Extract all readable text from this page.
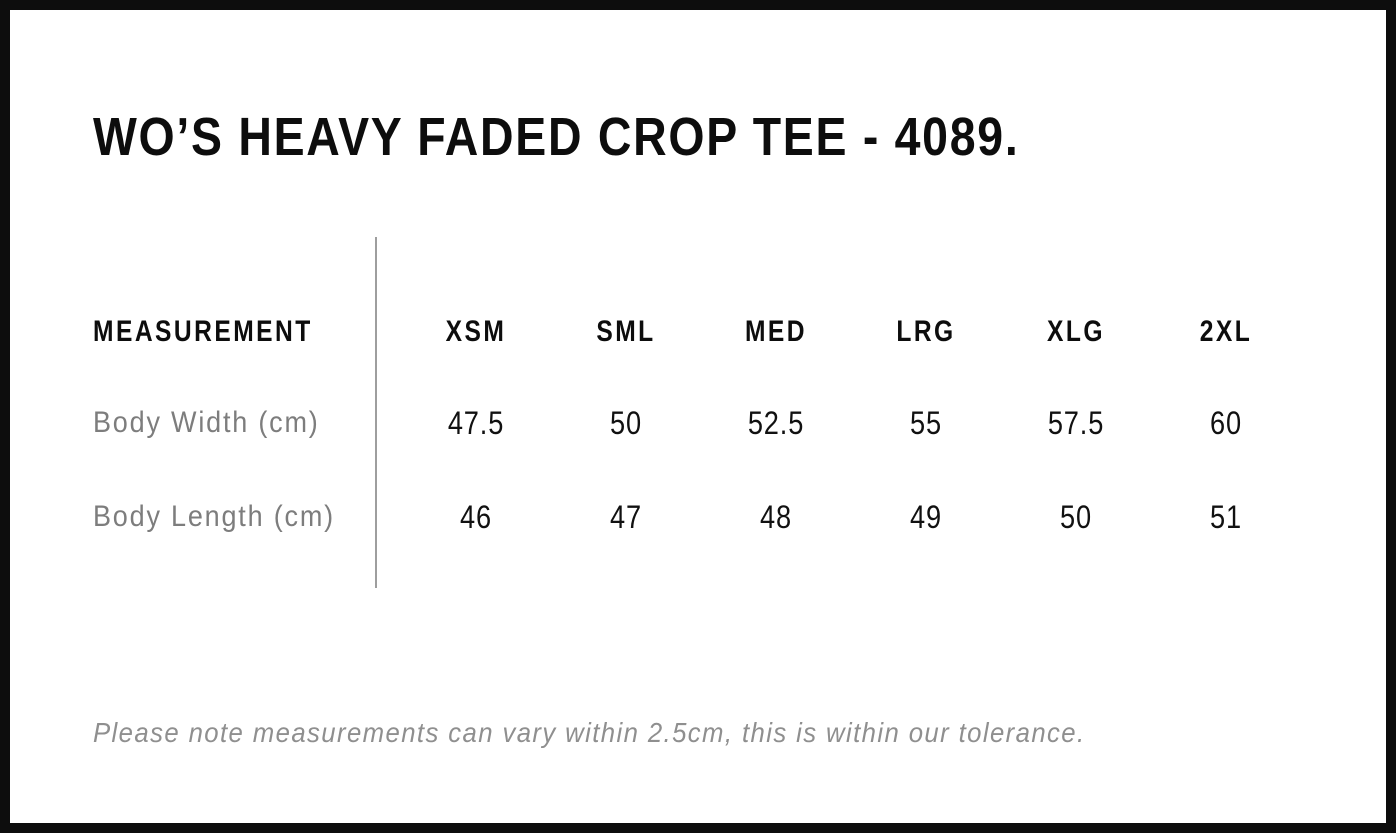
WO’S HEAVY FADED CROP TEE - 4089.
MEASUREMENT	XSM	SML	MED	LRG	XLG	2XL
Body Width (cm)	47.5	50	52.5	55	57.5	60
Body Length (cm)	46	47	48	49	50	51

Please note measurements can vary within 2.5cm, this is within our tolerance.
